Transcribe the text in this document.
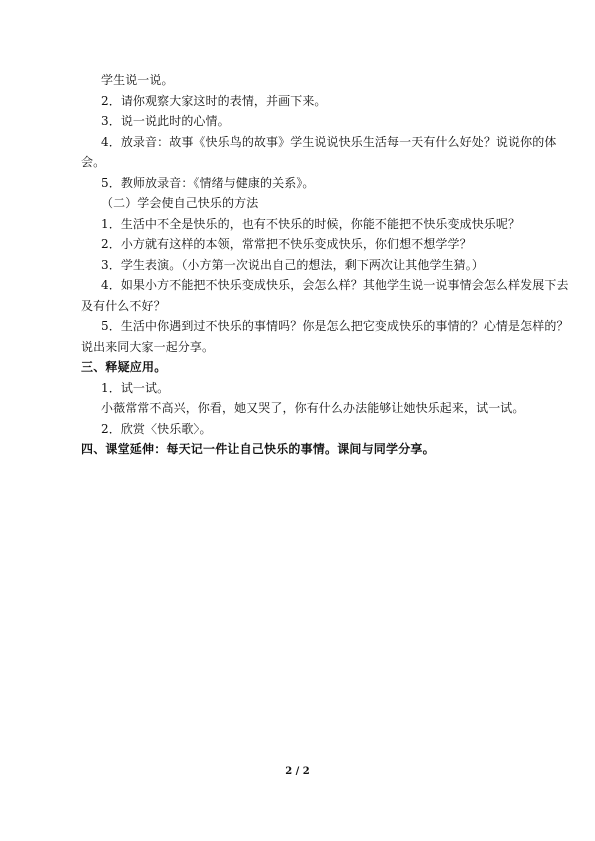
学生说一说。
2．请你观察大家这时的表情，并画下来。
3．说一说此时的心情。
4．放录音：故事《快乐鸟的故事》学生说说快乐生活每一天有什么好处？说说你的体
会。
5．教师放录音：《情绪与健康的关系》。
（二）学会使自己快乐的方法
1．生活中不全是快乐的，也有不快乐的时候，你能不能把不快乐变成快乐呢？
2．小方就有这样的本领，常常把不快乐变成快乐，你们想不想学学？
3．学生表演。（小方第一次说出自己的想法，剩下两次让其他学生猜。）
4．如果小方不能把不快乐变成快乐，会怎么样？其他学生说一说事情会怎么样发展下去
及有什么不好？
5．生活中你遇到过不快乐的事情吗？你是怎么把它变成快乐的事情的？心情是怎样的？
说出来同大家一起分享。
三、释疑应用。
1．试一试。
小薇常常不高兴，你看，她又哭了，你有什么办法能够让她快乐起来，试一试。
2．欣赏〈快乐歌〉。
四、课堂延伸：每天记一件让自己快乐的事情。课间与同学分享。
2 / 2
